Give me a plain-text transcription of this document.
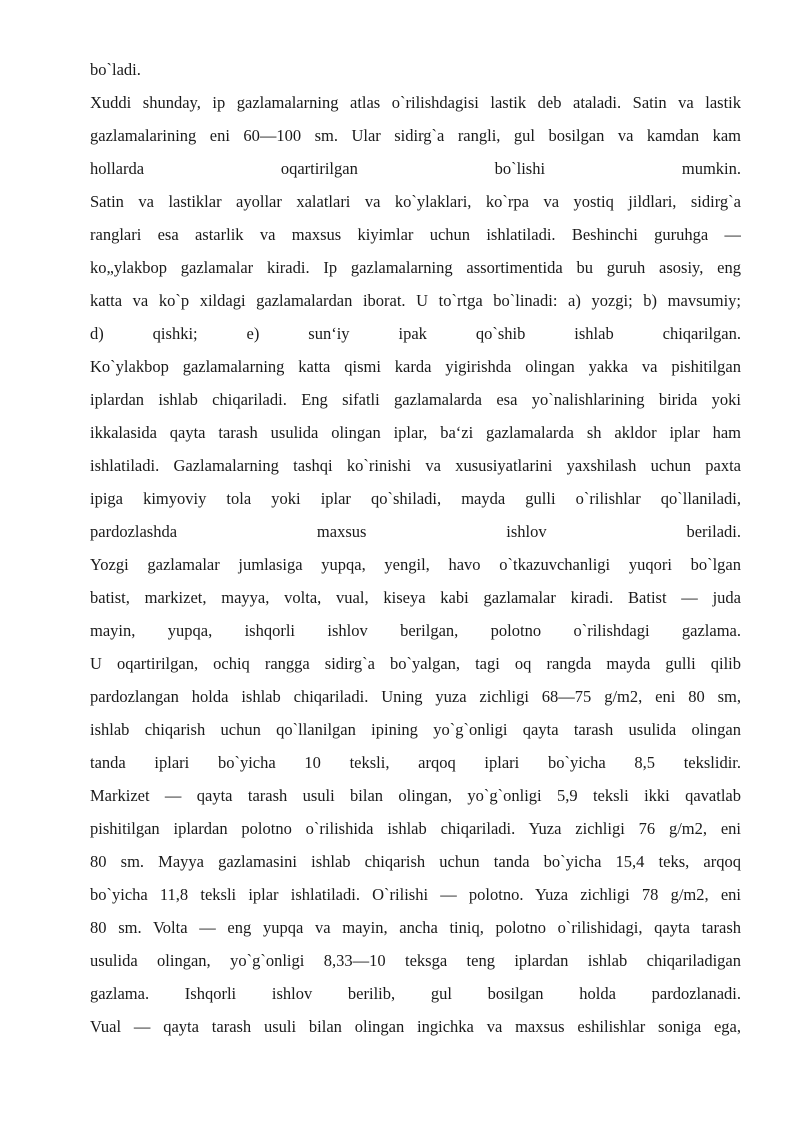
bo`ladi.
Xuddi shunday, ip gazlamalarning atlas o`rilishdagisi lastik deb ataladi. Satin va lastik
gazlamalarining eni 60—100 sm. Ular sidirg`a rangli, gul bosilgan va kamdan kam
hollarda oqartirilgan bo`lishi mumkin.
Satin va lastiklar ayollar xalatlari va ko`ylaklari, ko`rpa va yostiq jildlari, sidirg`a
ranglari esa astarlik va maxsus kiyimlar uchun ishlatiladi. Beshinchi guruhga —
ko„ylakbop gazlamalar kiradi. Ip gazlamalarning assortimentida bu guruh asosiy, eng
katta va ko`p xildagi gazlamalardan iborat. U to`rtga bo`linadi: a) yozgi; b) mavsumiy;
d) qishki; e) sun‘iy ipak qo`shib ishlab chiqarilgan.
Ko`ylakbop gazlamalarning katta qismi karda yigirishda olingan yakka va pishitilgan
iplardan ishlab chiqariladi. Eng sifatli gazlamalarda esa yo`nalishlarining birida yoki
ikkalasida qayta tarash usulida olingan iplar, ba‘zi gazlamalarda sh akldor iplar ham
ishlatiladi. Gazlamalarning tashqi ko`rinishi va xususiyatlarini yaxshilash uchun paxta
ipiga kimyoviy tola yoki iplar qo`shiladi, mayda gulli o`rilishlar qo`llaniladi,
pardozlashda maxsus ishlov beriladi.
Yozgi gazlamalar jumlasiga yupqa, yengil, havo o`tkazuvchanligi yuqori bo`lgan
batist, markizet, mayya, volta, vual, kiseya kabi gazlamalar kiradi. Batist — juda
mayin, yupqa, ishqorli ishlov berilgan, polotno o`rilishdagi gazlama.
U oqartirilgan, ochiq rangga sidirg`a bo`yalgan, tagi oq rangda mayda gulli qilib
pardozlangan holda ishlab chiqariladi. Uning yuza zichligi 68—75 g/m2, eni 80 sm,
ishlab chiqarish uchun qo`llanilgan ipining yo`g`onligi qayta tarash usulida olingan
tanda iplari bo`yicha 10 teksli, arqoq iplari bo`yicha 8,5 tekslidir.
Markizet — qayta tarash usuli bilan olingan, yo`g`onligi 5,9 teksli ikki qavatlab
pishitilgan iplardan polotno o`rilishida ishlab chiqariladi. Yuza zichligi 76 g/m2, eni
80 sm. Mayya gazlamasini ishlab chiqarish uchun tanda bo`yicha 15,4 teks, arqoq
bo`yicha 11,8 teksli iplar ishlatiladi. O`rilishi — polotno. Yuza zichligi 78 g/m2, eni
80 sm. Volta — eng yupqa va mayin, ancha tiniq, polotno o`rilishidagi, qayta tarash
usulida olingan, yo`g`onligi 8,33—10 teksga teng iplardan ishlab chiqariladigan
gazlama. Ishqorli ishlov berilib, gul bosilgan holda pardozlanadi.
Vual — qayta tarash usuli bilan olingan ingichka va maxsus eshilishlar soniga ega,
